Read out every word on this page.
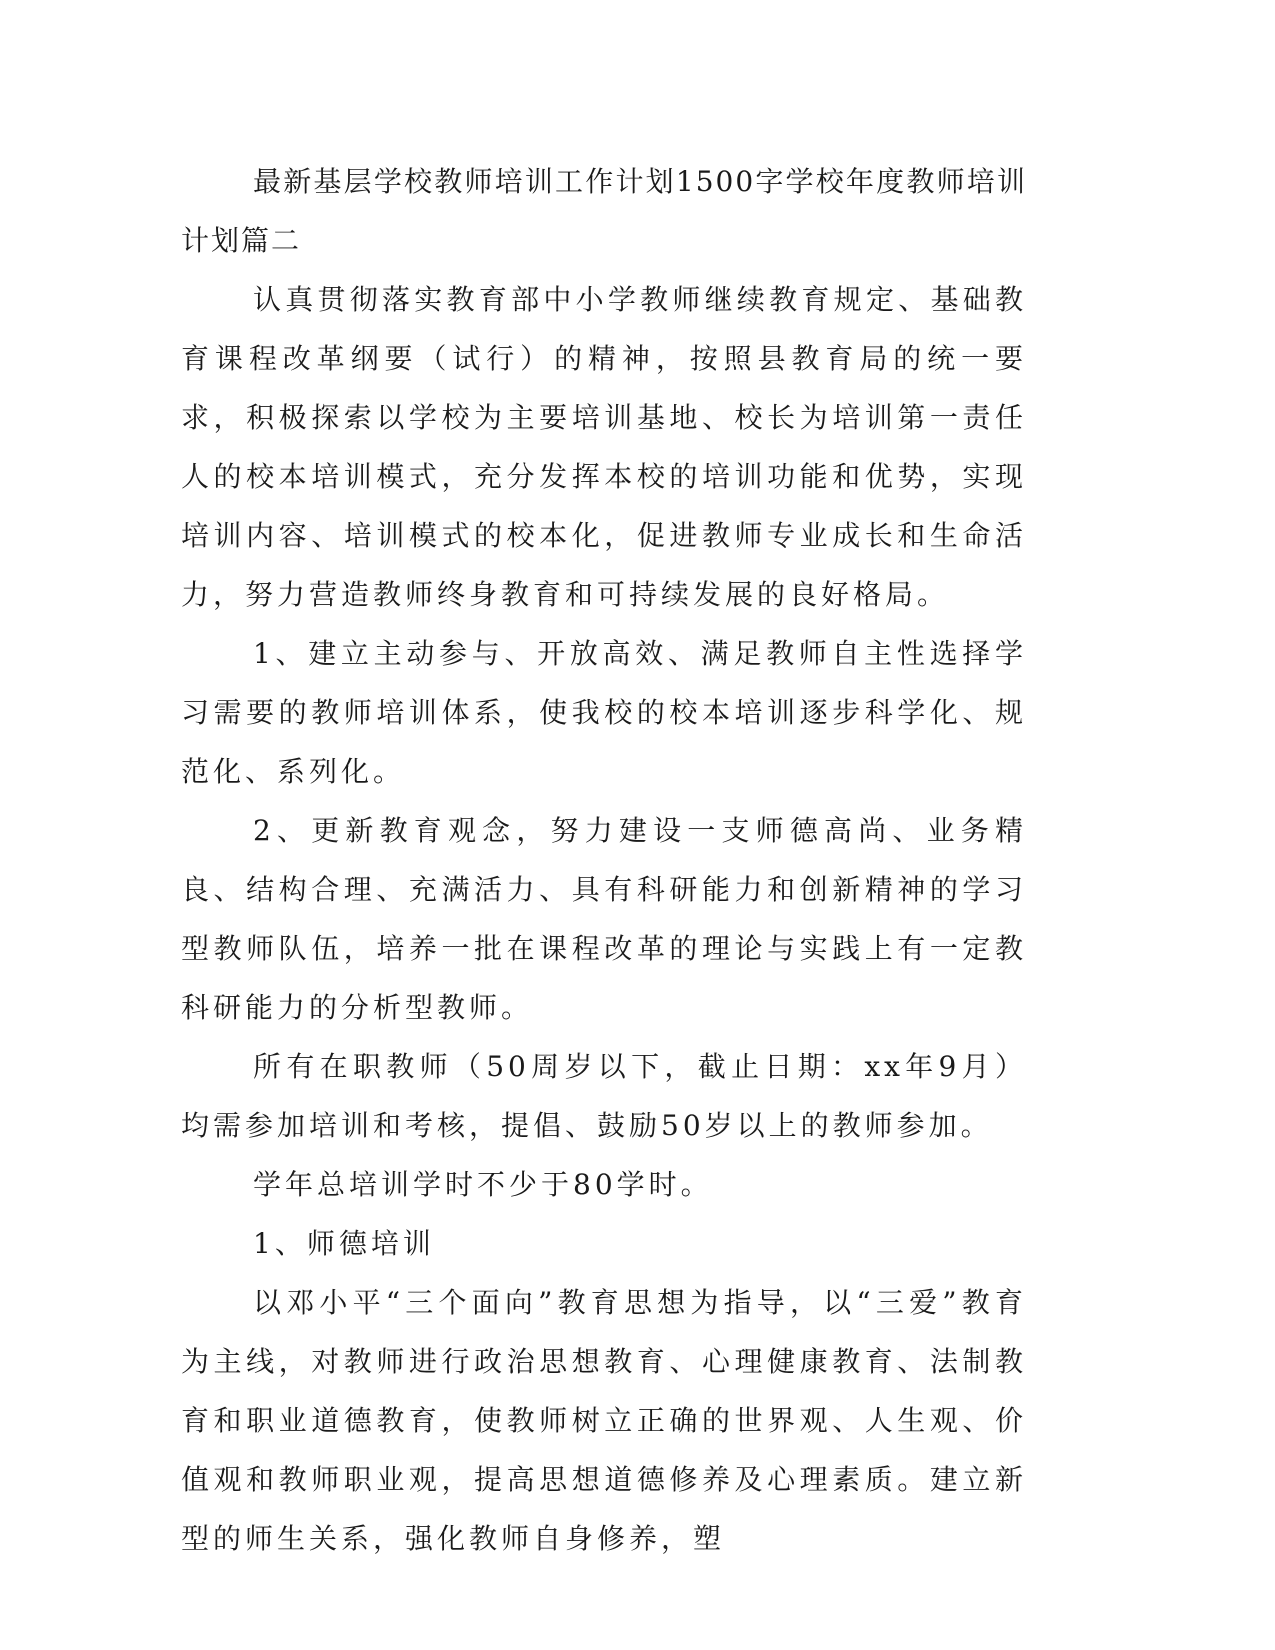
最新基层学校教师培训工作计划1500字学校年度教师培训计划篇二

认真贯彻落实教育部中小学教师继续教育规定、基础教育课程改革纲要（试行）的精神，按照县教育局的统一要求，积极探索以学校为主要培训基地、校长为培训第一责任人的校本培训模式，充分发挥本校的培训功能和优势，实现培训内容、培训模式的校本化，促进教师专业成长和生命活力，努力营造教师终身教育和可持续发展的良好格局。

1、建立主动参与、开放高效、满足教师自主性选择学习需要的教师培训体系，使我校的校本培训逐步科学化、规范化、系列化。

2、更新教育观念，努力建设一支师德高尚、业务精良、结构合理、充满活力、具有科研能力和创新精神的学习型教师队伍，培养一批在课程改革的理论与实践上有一定教科研能力的分析型教师。

所有在职教师（50周岁以下，截止日期：xx年9月）均需参加培训和考核，提倡、鼓励50岁以上的教师参加。

学年总培训学时不少于80学时。

1、师德培训

以邓小平“三个面向”教育思想为指导，以“三爱”教育为主线，对教师进行政治思想教育、心理健康教育、法制教育和职业道德教育，使教师树立正确的世界观、人生观、价值观和教师职业观，提高思想道德修养及心理素质。建立新型的师生关系，强化教师自身修养，塑
